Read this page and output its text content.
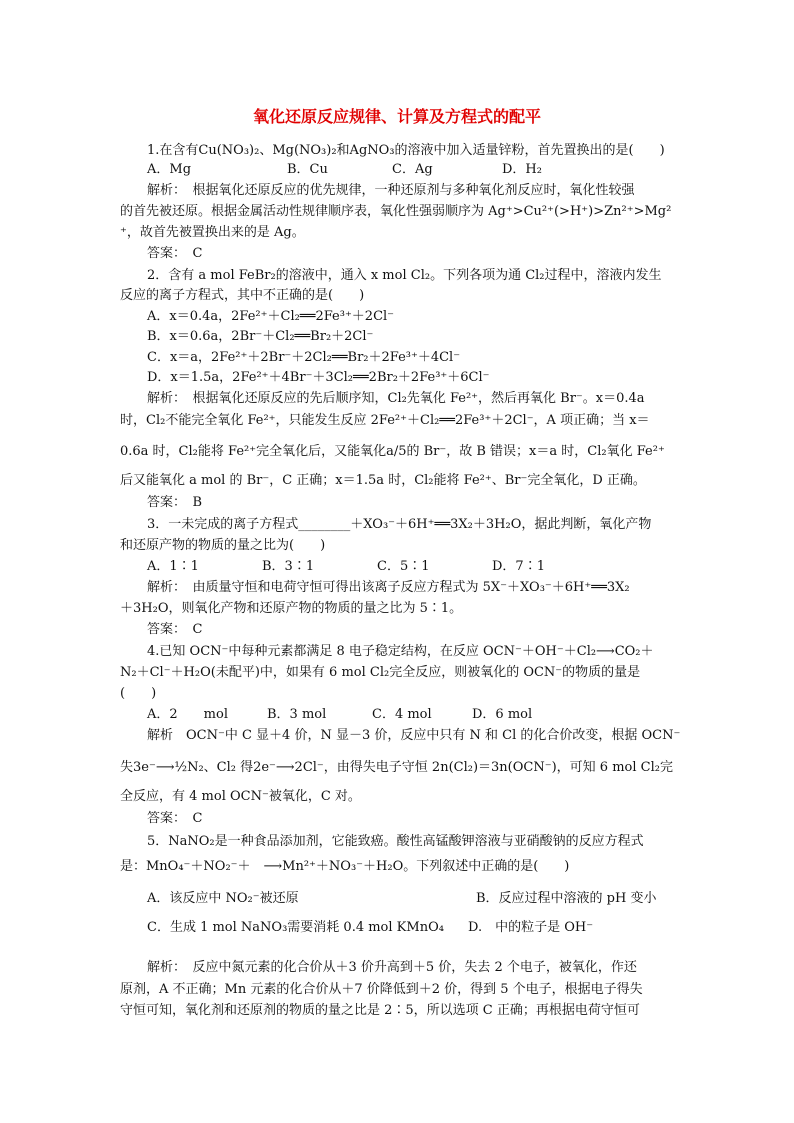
氧化还原反应规律、计算及方程式的配平
1.在含有Cu(NO₃)₂、Mg(NO₃)₂和AgNO₃的溶液中加入适量锌粉，首先置换出的是(　　)
A．Mg	B．Cu	C．Ag	D．H₂
解析：　根据氧化还原反应的优先规律，一种还原剂与多种氧化剂反应时，氧化性较强
的首先被还原。根据金属活动性规律顺序表，氧化性强弱顺序为 Ag⁺>Cu²⁺(>H⁺)>Zn²⁺>Mg²
⁺，故首先被置换出来的是 Ag。
答案：　C
2．含有 a mol FeBr₂的溶液中，通入 x mol Cl₂。下列各项为通 Cl₂过程中，溶液内发生
反应的离子方程式，其中不正确的是(　　)
A．x＝0.4a，2Fe²⁺＋Cl₂══2Fe³⁺＋2Cl⁻
B．x＝0.6a，2Br⁻＋Cl₂══Br₂＋2Cl⁻
C．x＝a，2Fe²⁺＋2Br⁻＋2Cl₂══Br₂＋2Fe³⁺＋4Cl⁻
D．x＝1.5a，2Fe²⁺＋4Br⁻＋3Cl₂══2Br₂＋2Fe³⁺＋6Cl⁻
解析：　根据氧化还原反应的先后顺序知，Cl₂先氧化 Fe²⁺，然后再氧化 Br⁻。x＝0.4a
时，Cl₂不能完全氧化 Fe²⁺，只能发生反应 2Fe²⁺＋Cl₂══2Fe³⁺＋2Cl⁻，A 项正确；当 x＝
0.6a 时，Cl₂能将 Fe²⁺完全氧化后，又能氧化a/5的 Br⁻，故 B 错误；x＝a 时，Cl₂氧化 Fe²⁺
后又能氧化 a mol 的 Br⁻，C 正确；x＝1.5a 时，Cl₂能将 Fe²⁺、Br⁻完全氧化，D 正确。
答案：　B
3．一未完成的离子方程式________＋XO₃⁻＋6H⁺══3X₂＋3H₂O，据此判断，氧化产物
和还原产物的物质的量之比为(　　)
A．1∶1	B．3∶1	C．5∶1	D．7∶1
解析：　由质量守恒和电荷守恒可得出该离子反应方程式为 5X⁻＋XO₃⁻＋6H⁺══3X₂
＋3H₂O，则氧化产物和还原产物的物质的量之比为 5∶1。
答案：　C
4.已知 OCN⁻中每种元素都满足 8 电子稳定结构，在反应 OCN⁻＋OH⁻＋Cl₂⟶CO₂＋
N₂＋Cl⁻＋H₂O(未配平)中，如果有 6 mol Cl₂完全反应，则被氧化的 OCN⁻的物质的量是
(　　)
A．2　　mol	B．3 mol	C．4 mol	D．6 mol
解析　OCN⁻中 C 显＋4 价，N 显－3 价，反应中只有 N 和 Cl 的化合价改变，根据 OCN⁻
失3e⁻⟶½N₂、Cl₂ 得2e⁻⟶2Cl⁻，由得失电子守恒 2n(Cl₂)＝3n(OCN⁻)，可知 6 mol Cl₂完
全反应，有 4 mol OCN⁻被氧化，C 对。
答案：　C
5．NaNO₂是一种食品添加剂，它能致癌。酸性高锰酸钾溶液与亚硝酸钠的反应方程式
是：MnO₄⁻＋NO₂⁻＋　⟶Mn²⁺＋NO₃⁻＋H₂O。下列叙述中正确的是(　　)
A．该反应中 NO₂⁻被还原	B．反应过程中溶液的 pH 变小
C．生成 1 mol NaNO₃需要消耗 0.4 mol KMnO₄ D.　中的粒子是 OH⁻
解析：　反应中氮元素的化合价从＋3 价升高到＋5 价，失去 2 个电子，被氧化，作还
原剂，A 不正确；Mn 元素的化合价从＋7 价降低到＋2 价，得到 5 个电子，根据电子得失
守恒可知，氧化剂和还原剂的物质的量之比是 2∶5，所以选项 C 正确；再根据电荷守恒可
